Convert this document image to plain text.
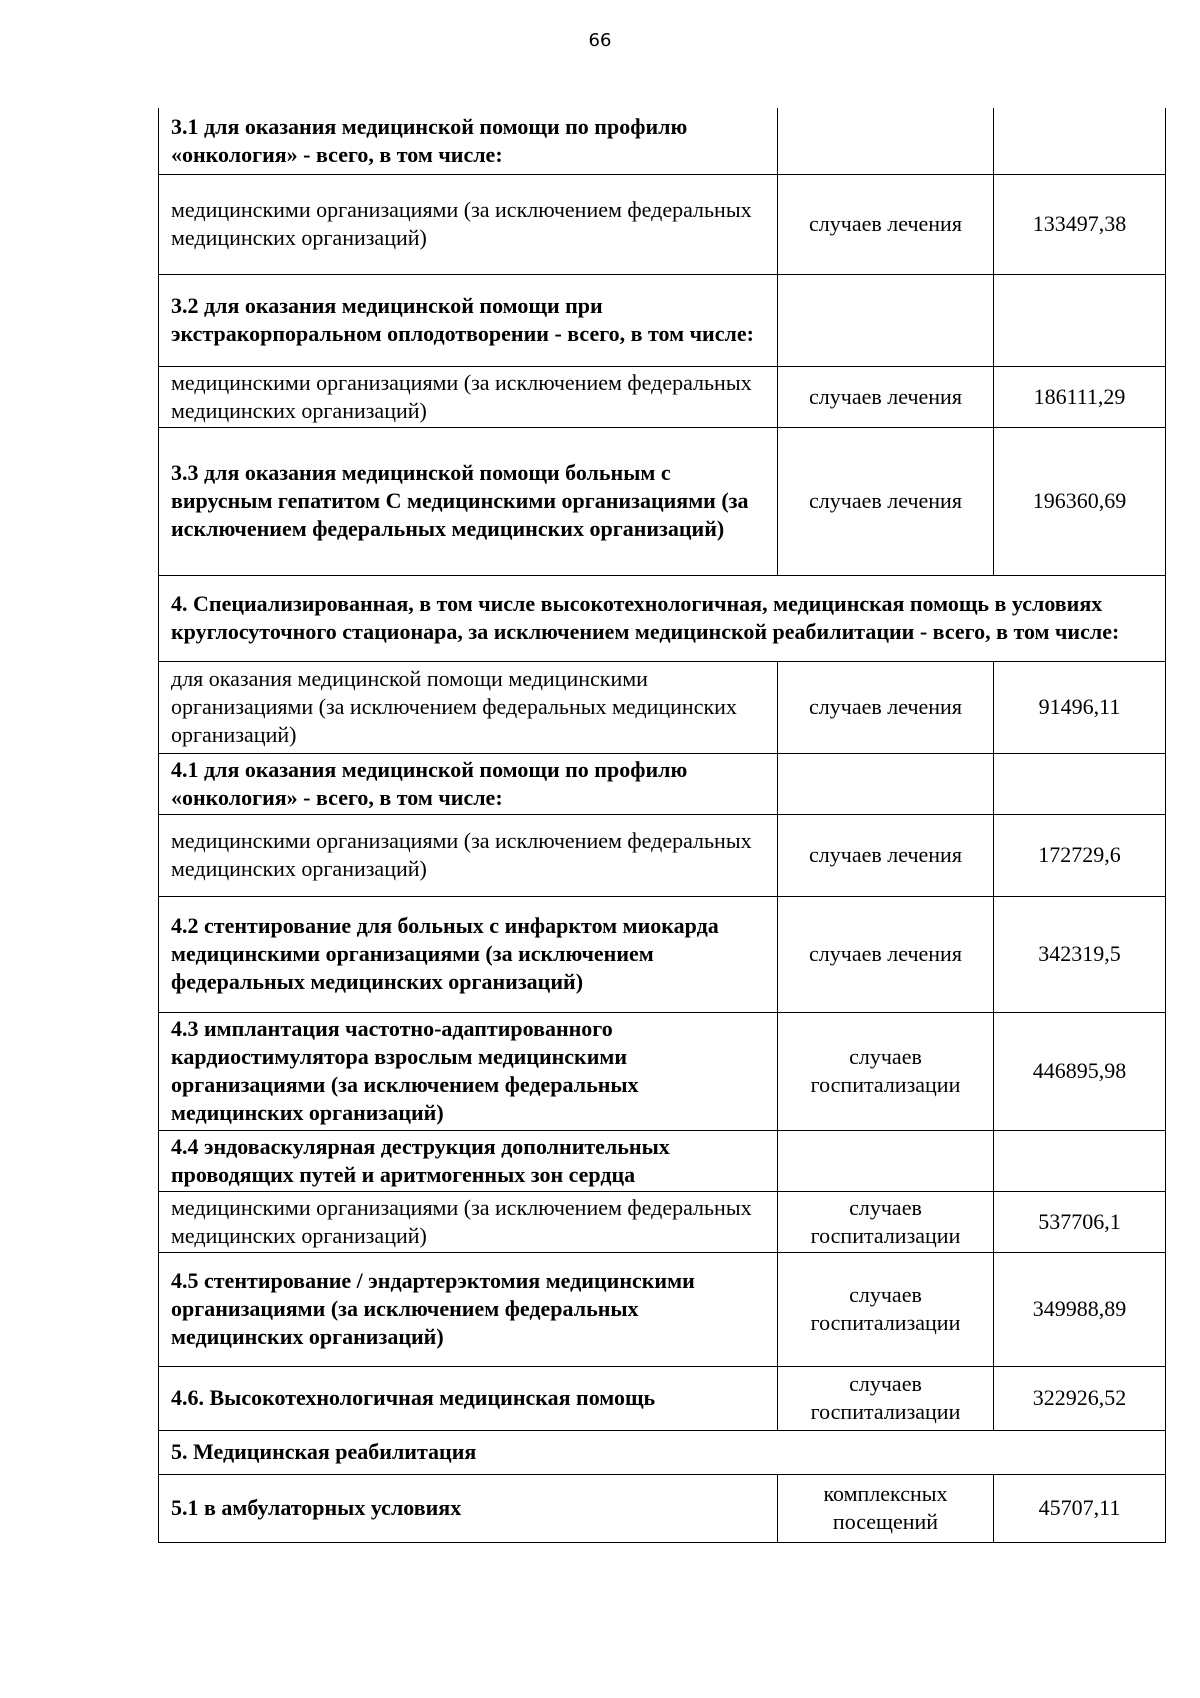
66
3.1 для оказания медицинской помощи по профилю «онкология» - всего, в том числе:		
медицинскими организациями (за исключением федеральных медицинских организаций)	случаев лечения	133497,38
3.2 для оказания медицинской помощи при экстракорпоральном оплодотворении - всего, в том числе:		
медицинскими организациями (за исключением федеральных медицинских организаций)	случаев лечения	186111,29
3.3 для оказания медицинской помощи больным с вирусным гепатитом С медицинскими организациями (за исключением федеральных медицинских организаций)	случаев лечения	196360,69
4. Специализированная, в том числе высокотехнологичная, медицинская помощь в условиях круглосуточного стационара, за исключением медицинской реабилитации - всего, в том числе:		
для оказания медицинской помощи медицинскими организациями (за исключением федеральных медицинских организаций)	случаев лечения	91496,11
4.1 для оказания медицинской помощи по профилю «онкология» - всего, в том числе:		
медицинскими организациями (за исключением федеральных медицинских организаций)	случаев лечения	172729,6
4.2 стентирование для больных с инфарктом миокарда медицинскими организациями (за исключением федеральных медицинских организаций)	случаев лечения	342319,5
4.3 имплантация частотно-адаптированного кардиостимулятора взрослым медицинскими организациями (за исключением федеральных медицинских организаций)	случаев госпитализации	446895,98
4.4 эндоваскулярная деструкция дополнительных проводящих путей и аритмогенных зон сердца		
медицинскими организациями (за исключением федеральных медицинских организаций)	случаев госпитализации	537706,1
4.5 стентирование / эндартерэктомия медицинскими организациями (за исключением федеральных медицинских организаций)	случаев госпитализации	349988,89
4.6. Высокотехнологичная медицинская помощь	случаев госпитализации	322926,52
5. Медицинская реабилитация		
5.1 в амбулаторных условиях	комплексных посещений	45707,11
